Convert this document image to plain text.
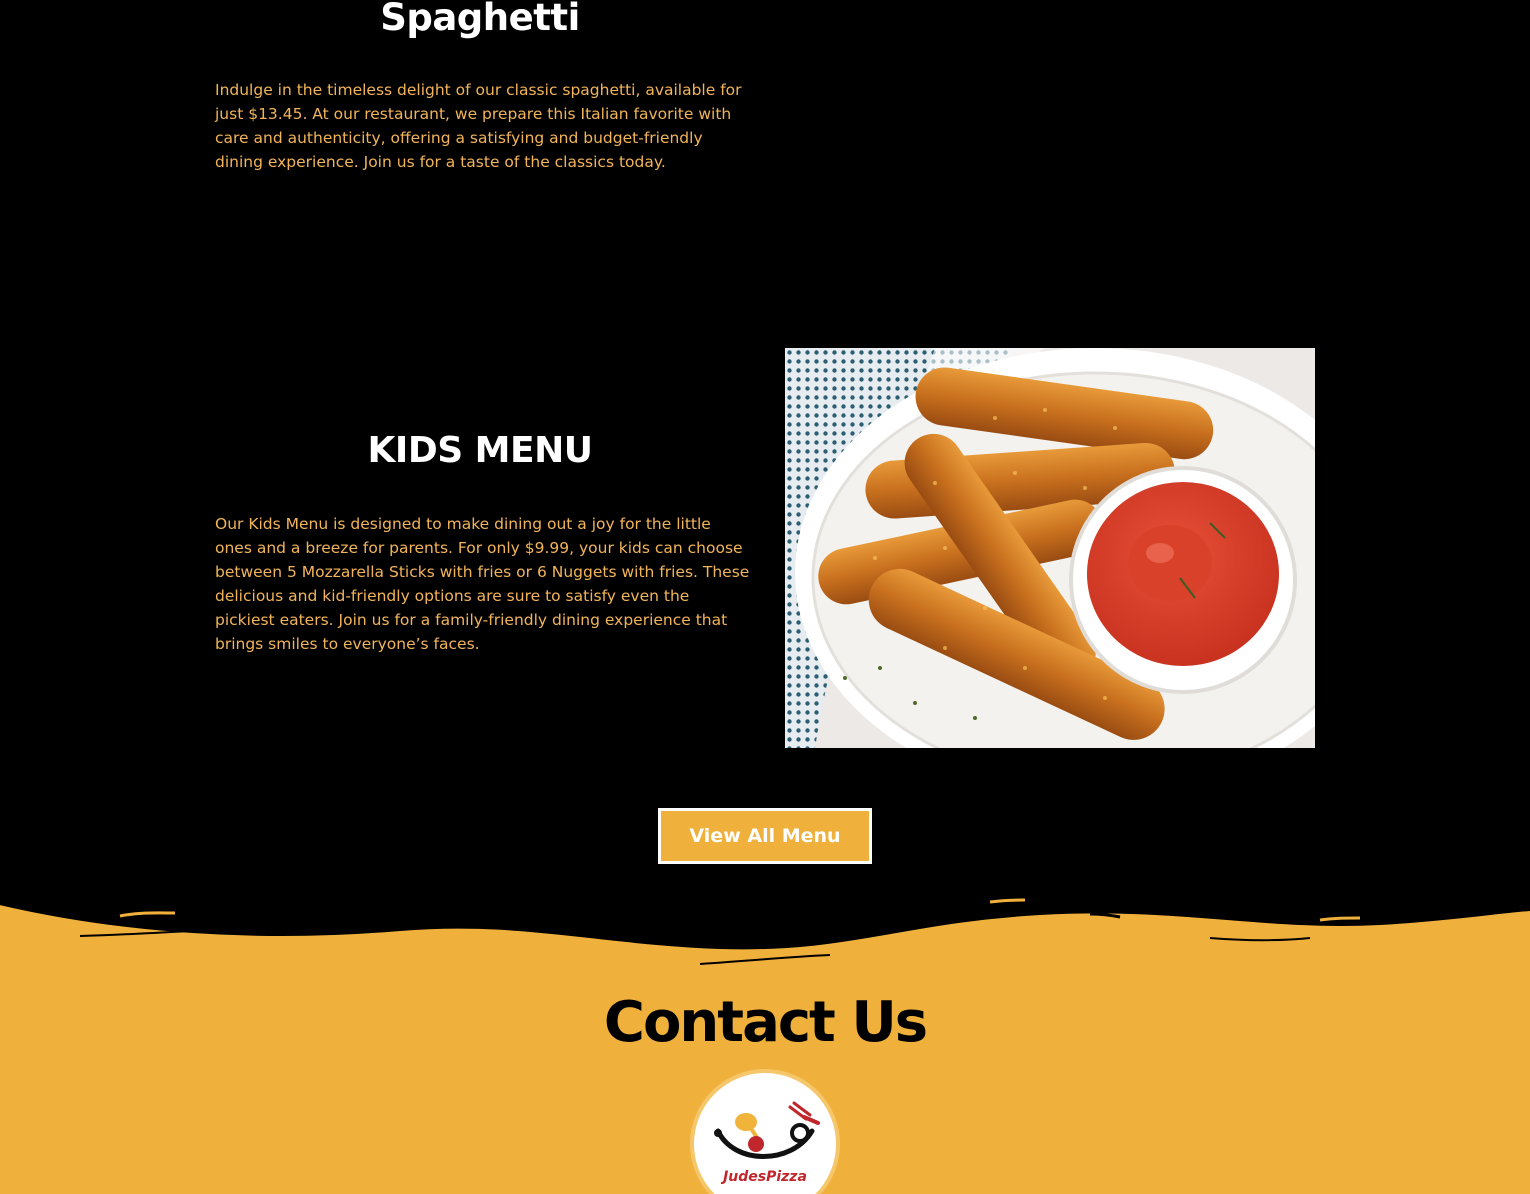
Spaghetti

Indulge in the timeless delight of our classic spaghetti, available for just $13.45. At our restaurant, we prepare this Italian favorite with care and authenticity, offering a satisfying and budget-friendly dining experience. Join us for a taste of the classics today.

KIDS MENU

Our Kids Menu is designed to make dining out a joy for the little ones and a breeze for parents. For only $9.99, your kids can choose between 5 Mozzarella Sticks with fries or 6 Nuggets with fries. These delicious and kid-friendly options are sure to satisfy even the pickiest eaters. Join us for a family-friendly dining experience that brings smiles to everyone’s faces.

View All Menu
Contact Us
JudesPizza
